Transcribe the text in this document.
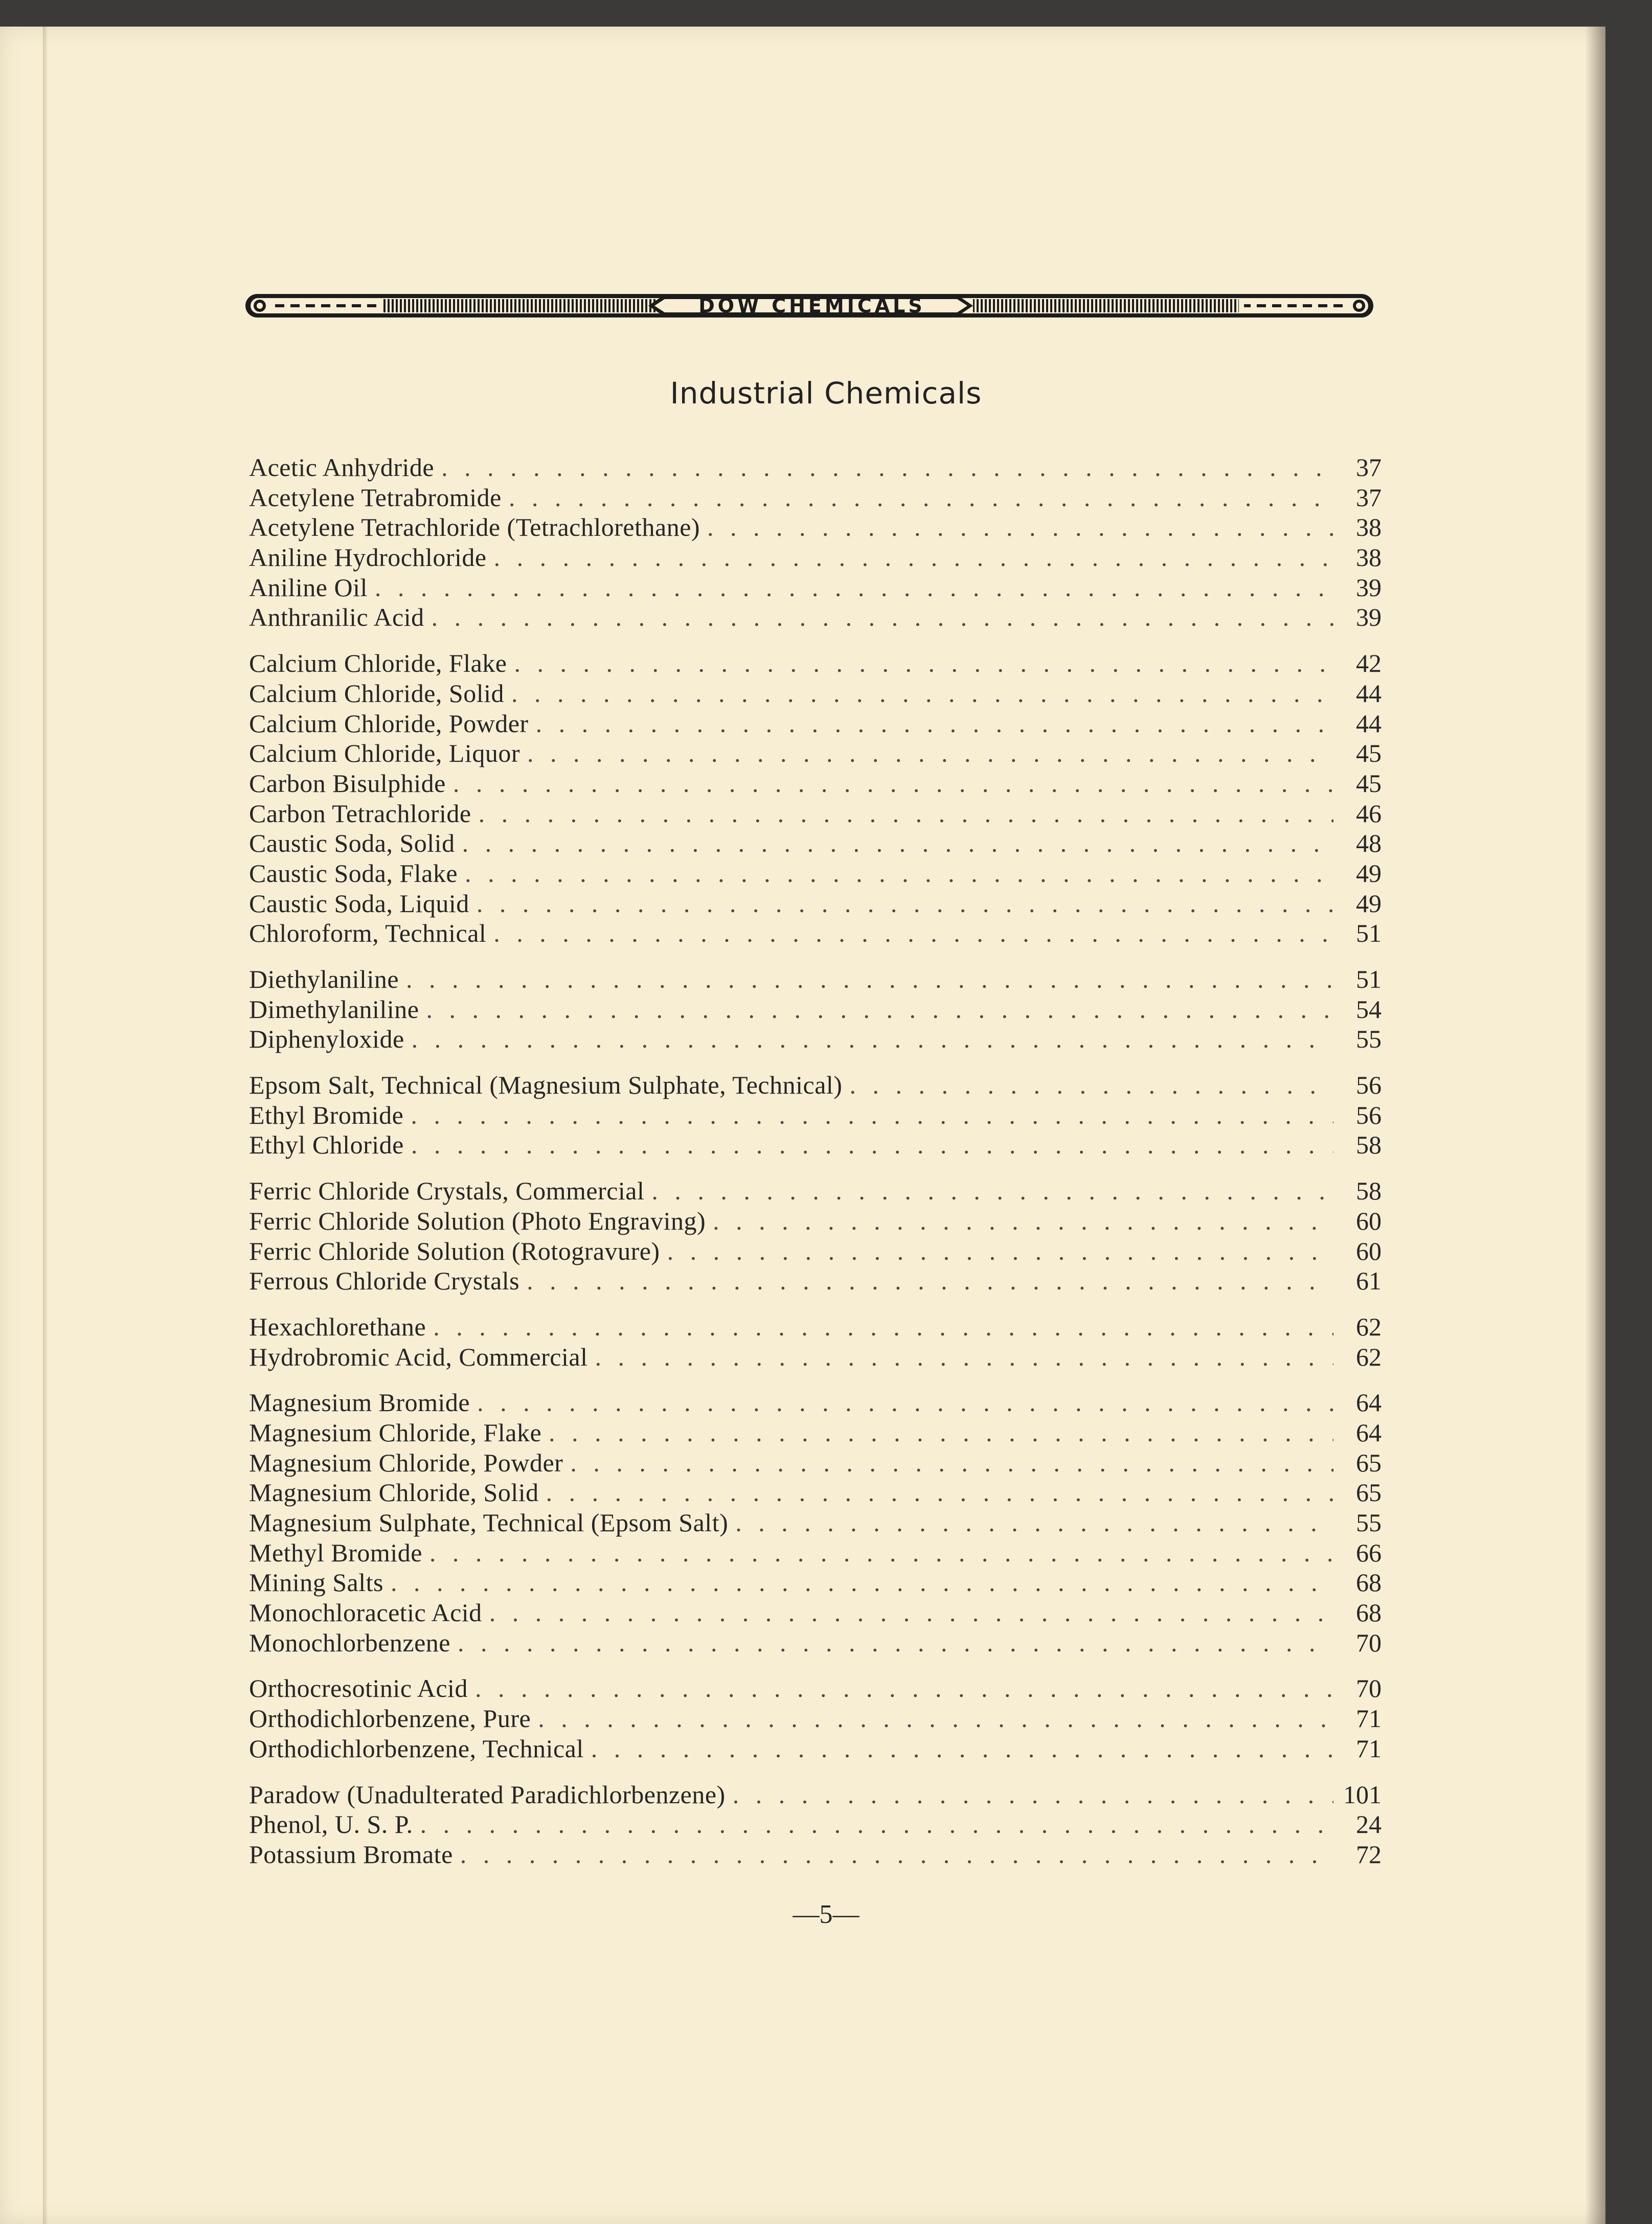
DOW CHEMICALS
Industrial Chemicals
Acetic Anhydride . . .	37
Acetylene Tetrabromide . . .	37
Acetylene Tetrachloride (Tetrachlorethane) . . .	38
Aniline Hydrochloride . . .	38
Aniline Oil . . .	39
Anthranilic Acid . . .	39
Calcium Chloride, Flake . . .	42
Calcium Chloride, Solid . . .	44
Calcium Chloride, Powder . . .	44
Calcium Chloride, Liquor . . .	45
Carbon Bisulphide . . .	45
Carbon Tetrachloride . . .	46
Caustic Soda, Solid . . .	48
Caustic Soda, Flake . . .	49
Caustic Soda, Liquid . . .	49
Chloroform, Technical . . .	51
Diethylaniline . . .	51
Dimethylaniline . . .	54
Diphenyloxide . . .	55
Epsom Salt, Technical (Magnesium Sulphate, Technical) . . .	56
Ethyl Bromide . . .	56
Ethyl Chloride . . .	58
Ferric Chloride Crystals, Commercial . . .	58
Ferric Chloride Solution (Photo Engraving) . . .	60
Ferric Chloride Solution (Rotogravure) . . .	60
Ferrous Chloride Crystals . . .	61
Hexachlorethane . . .	62
Hydrobromic Acid, Commercial . . .	62
Magnesium Bromide . . .	64
Magnesium Chloride, Flake . . .	64
Magnesium Chloride, Powder . . .	65
Magnesium Chloride, Solid . . .	65
Magnesium Sulphate, Technical (Epsom Salt) . . .	55
Methyl Bromide . . .	66
Mining Salts . . .	68
Monochloracetic Acid . . .	68
Monochlorbenzene . . .	70
Orthocresotinic Acid . . .	70
Orthodichlorbenzene, Pure . . .	71
Orthodichlorbenzene, Technical . . .	71
Paradow (Unadulterated Paradichlorbenzene) . . .	101
Phenol, U. S. P. . . .	24
Potassium Bromate . . .	72
—5—
